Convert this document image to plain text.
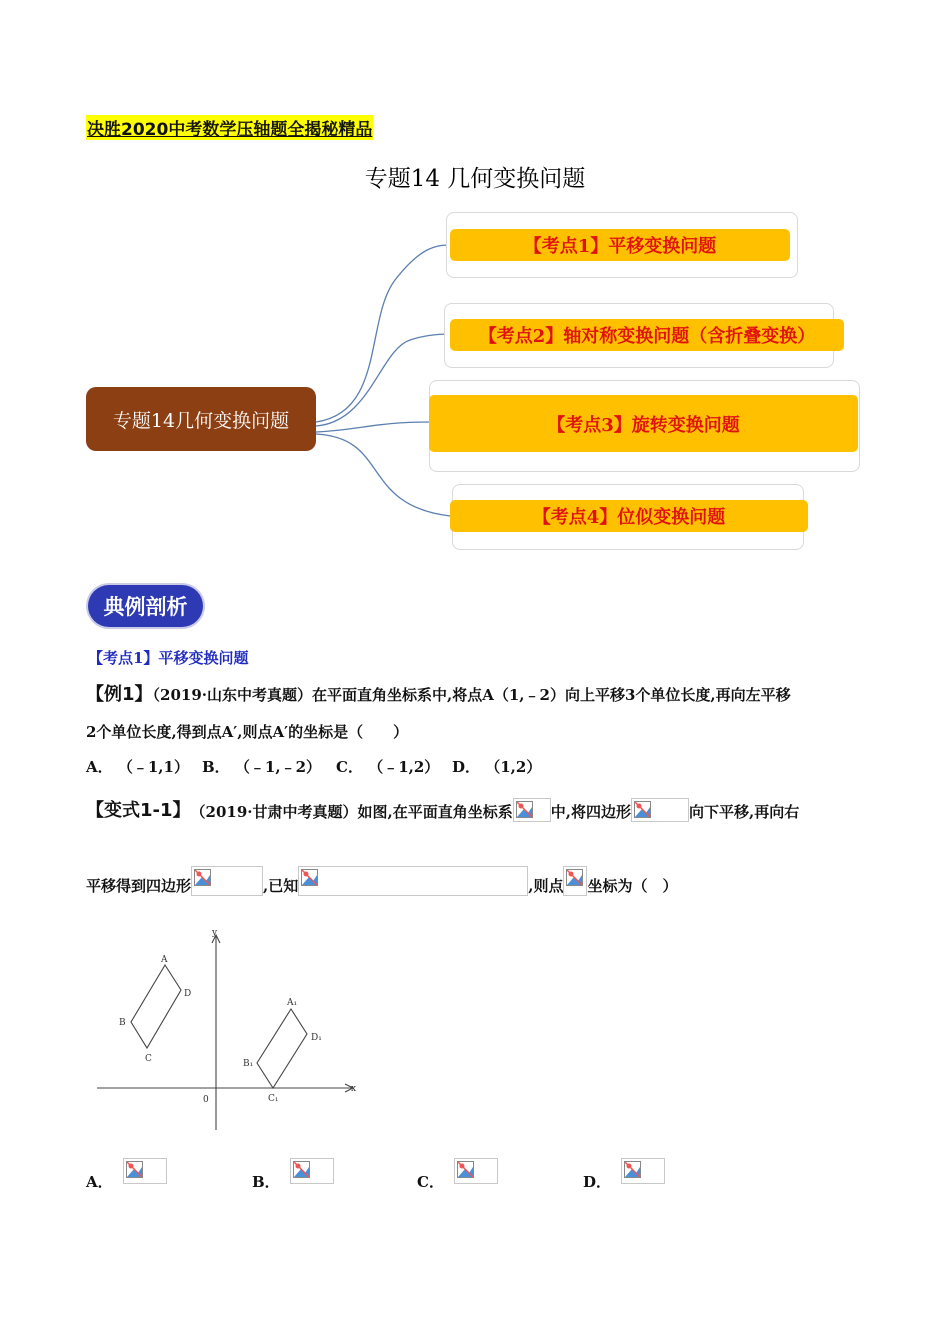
决胜2020中考数学压轴题全揭秘精品
专题14 几何变换问题
专题14几何变换问题
【考点1】平移变换问题
【考点2】轴对称变换问题（含折叠变换）
【考点3】旋转变换问题
【考点4】位似变换问题
典例剖析
【考点1】平移变换问题
【例1】（2019·山东中考真题）在平面直角坐标系中,将点A（1,﹣2）向上平移3个单位长度,再向左平移
2个单位长度,得到点A′,则点A′的坐标是（　　）
A． （﹣1,1） B． （﹣1,﹣2） C． （﹣1,2） D． （1,2）
【变式1-1】 （2019·甘肃中考真题）如图,在平面直角坐标系	中,将四边形	向下平移,再向右
平移得到四边形	,已知	,则点 坐标为（　）
y
x
0
A
B
C
D
A₁
B₁
C₁
D₁
A．	B．	C．	D．
